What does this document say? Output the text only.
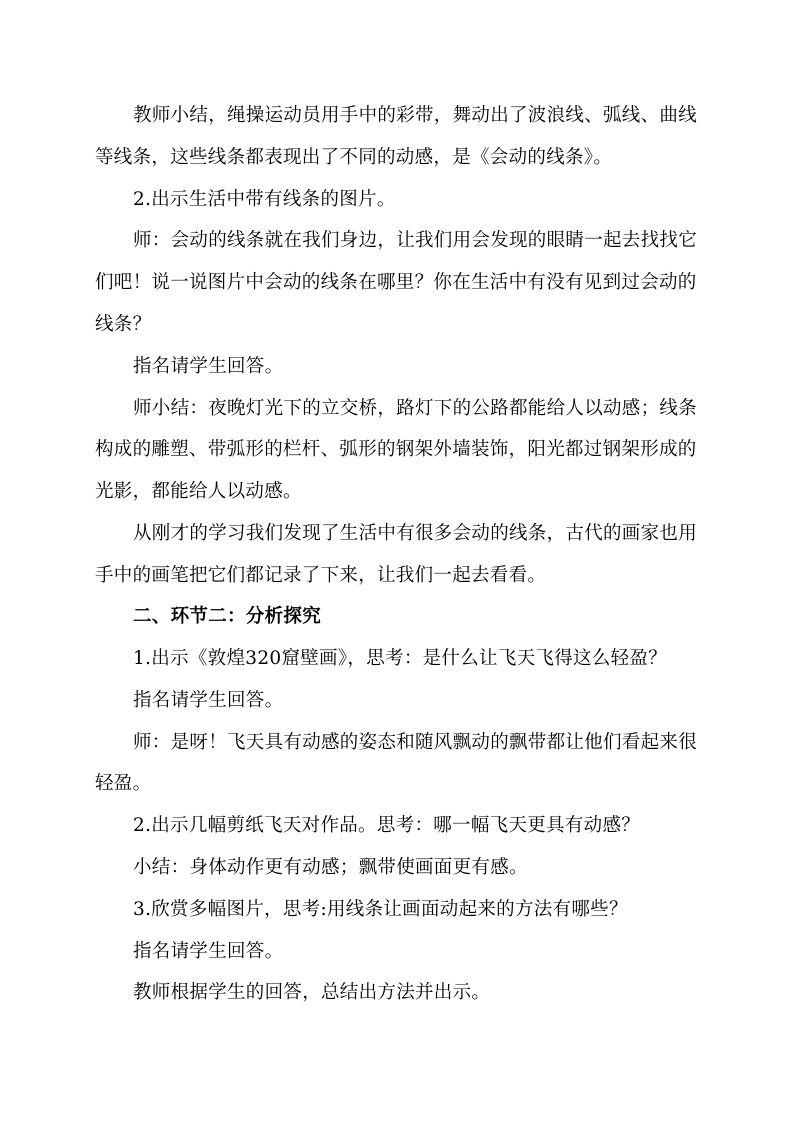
教师小结，绳操运动员用手中的彩带，舞动出了波浪线、弧线、曲线
等线条，这些线条都表现出了不同的动感，是《会动的线条》。
2.出示生活中带有线条的图片。
师：会动的线条就在我们身边，让我们用会发现的眼睛一起去找找它
们吧！说一说图片中会动的线条在哪里？你在生活中有没有见到过会动的
线条？
指名请学生回答。
师小结：夜晚灯光下的立交桥，路灯下的公路都能给人以动感；线条
构成的雕塑、带弧形的栏杆、弧形的钢架外墙装饰，阳光都过钢架形成的
光影，都能给人以动感。
从刚才的学习我们发现了生活中有很多会动的线条，古代的画家也用
手中的画笔把它们都记录了下来，让我们一起去看看。
二、环节二：分析探究
1.出示《敦煌320窟壁画》，思考：是什么让飞天飞得这么轻盈？
指名请学生回答。
师：是呀！飞天具有动感的姿态和随风飘动的飘带都让他们看起来很
轻盈。
2.出示几幅剪纸飞天对作品。思考：哪一幅飞天更具有动感？
小结：身体动作更有动感；飘带使画面更有感。
3.欣赏多幅图片，思考:用线条让画面动起来的方法有哪些？
指名请学生回答。
教师根据学生的回答，总结出方法并出示。
